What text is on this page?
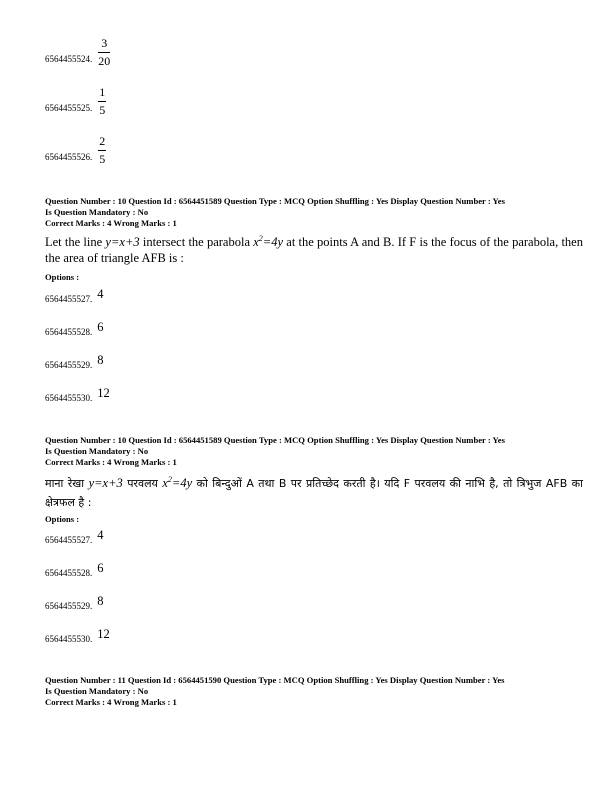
6564455524. $\frac{3}{20}$
6564455525. $\frac{1}{5}$
6564455526. $\frac{2}{5}$
Question Number : 10 Question Id : 6564451589 Question Type : MCQ Option Shuffling : Yes Display Question Number : Yes
Is Question Mandatory : No
Correct Marks : 4 Wrong Marks : 1
Let the line y=x+3 intersect the parabola $x^2=4y$ at the points A and B. If F is the focus of the parabola, then the area of triangle AFB is :
Options :
6564455527. 4
6564455528. 6
6564455529. 8
6564455530. 12
Question Number : 10 Question Id : 6564451589 Question Type : MCQ Option Shuffling : Yes Display Question Number : Yes
Is Question Mandatory : No
Correct Marks : 4 Wrong Marks : 1
माना रेखा y=x+3 परवलय $x^2=4y$ को बिन्दुओं A तथा B पर प्रतिच्छेद करती है। यदि F परवलय की नाभि है, तो त्रिभुज AFB का क्षेत्रफल है :
Options :
6564455527. 4
6564455528. 6
6564455529. 8
6564455530. 12
Question Number : 11 Question Id : 6564451590 Question Type : MCQ Option Shuffling : Yes Display Question Number : Yes
Is Question Mandatory : No
Correct Marks : 4 Wrong Marks : 1
